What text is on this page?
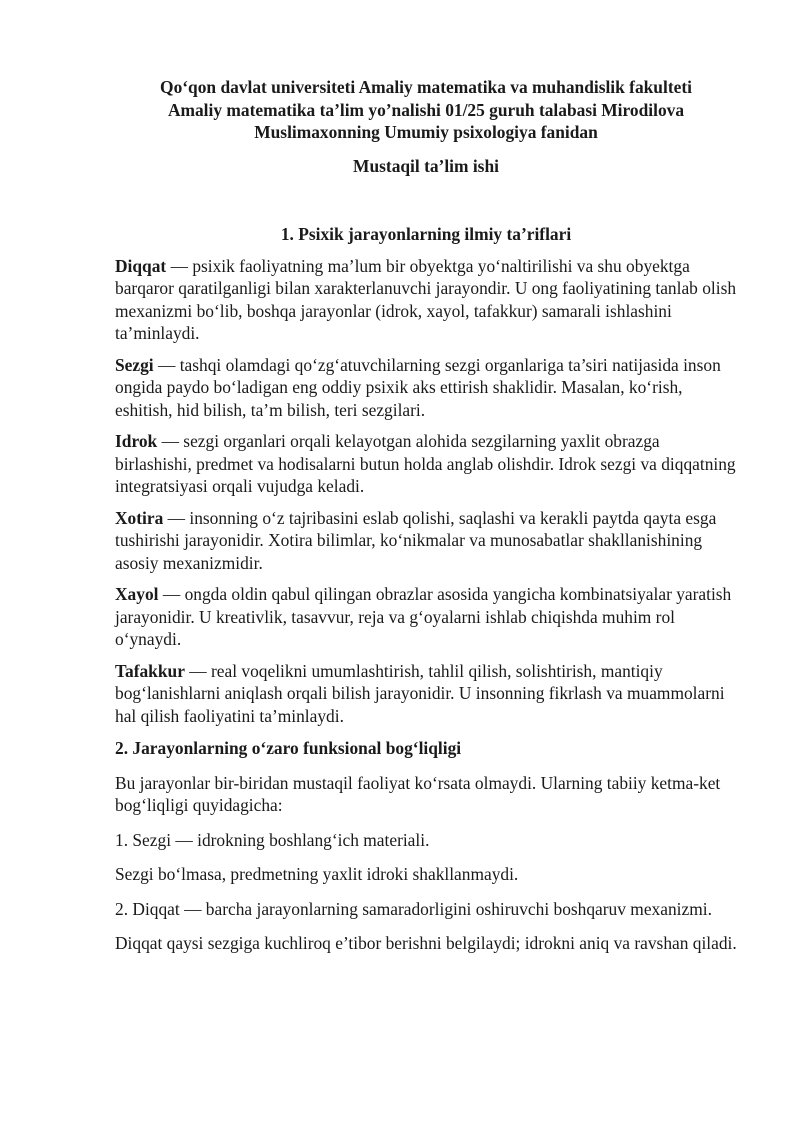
Qo‘qon davlat universiteti Amaliy matematika va muhandislik fakulteti
Amaliy matematika ta’lim yo’nalishi 01/25 guruh talabasi Mirodilova
Muslimaxonning Umumiy psixologiya fanidan
Mustaqil ta’lim ishi
1. Psixik jarayonlarning ilmiy ta’riflari

Diqqat — psixik faoliyatning ma’lum bir obyektga yo‘naltirilishi va shu obyektga barqaror qaratilganligi bilan xarakterlanuvchi jarayondir. U ong faoliyatining tanlab olish mexanizmi bo‘lib, boshqa jarayonlar (idrok, xayol, tafakkur) samarali ishlashini ta’minlaydi.

Sezgi — tashqi olamdagi qo‘zg‘atuvchilarning sezgi organlariga ta’siri natijasida inson ongida paydo bo‘ladigan eng oddiy psixik aks ettirish shaklidir. Masalan, ko‘rish, eshitish, hid bilish, ta’m bilish, teri sezgilari.

Idrok — sezgi organlari orqali kelayotgan alohida sezgilarning yaxlit obrazga birlashishi, predmet va hodisalarni butun holda anglab olishdir. Idrok sezgi va diqqatning integratsiyasi orqali vujudga keladi.

Xotira — insonning o‘z tajribasini eslab qolishi, saqlashi va kerakli paytda qayta esga tushirishi jarayonidir. Xotira bilimlar, ko‘nikmalar va munosabatlar shakllanishining asosiy mexanizmidir.

Xayol — ongda oldin qabul qilingan obrazlar asosida yangicha kombinatsiyalar yaratish jarayonidir. U kreativlik, tasavvur, reja va g‘oyalarni ishlab chiqishda muhim rol o‘ynaydi.

Tafakkur — real voqelikni umumlashtirish, tahlil qilish, solishtirish, mantiqiy bog‘lanishlarni aniqlash orqali bilish jarayonidir. U insonning fikrlash va muammolarni hal qilish faoliyatini ta’minlaydi.

2. Jarayonlarning o‘zaro funksional bog‘liqligi

Bu jarayonlar bir-biridan mustaqil faoliyat ko‘rsata olmaydi. Ularning tabiiy ketma-ket bog‘liqligi quyidagicha:

1. Sezgi — idrokning boshlang‘ich materiali.

Sezgi bo‘lmasa, predmetning yaxlit idroki shakllanmaydi.

2. Diqqat — barcha jarayonlarning samaradorligini oshiruvchi boshqaruv mexanizmi.

Diqqat qaysi sezgiga kuchliroq e’tibor berishni belgilaydi; idrokni aniq va ravshan qiladi.
